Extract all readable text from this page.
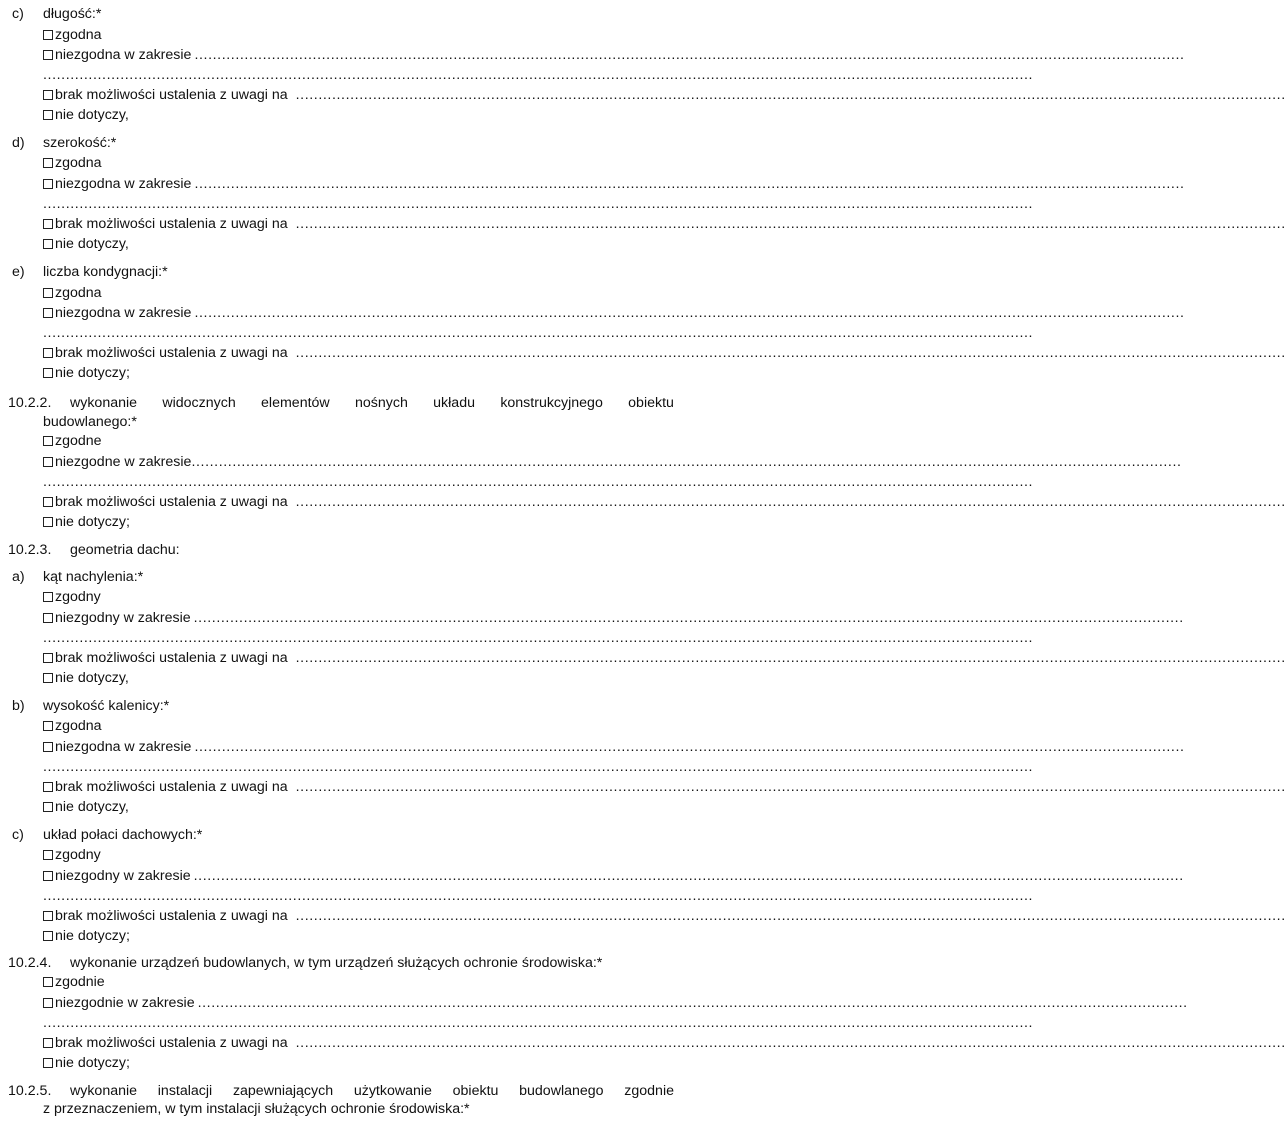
c) długość:*
zgodna
niezgodna w zakresie ..........................................................................................................................................................................................................................
..........................................................................................................................................................................................................................
brak możliwości ustalenia z uwagi na ..........................................................................................................................................................................................................................
nie dotyczy,
d) szerokość:*
zgodna
niezgodna w zakresie ..........................................................................................................................................................................................................................
..........................................................................................................................................................................................................................
brak możliwości ustalenia z uwagi na ..........................................................................................................................................................................................................................
nie dotyczy,
e) liczba kondygnacji:*
zgodna
niezgodna w zakresie ..........................................................................................................................................................................................................................
..........................................................................................................................................................................................................................
brak możliwości ustalenia z uwagi na ..........................................................................................................................................................................................................................
nie dotyczy;
10.2.2. wykonanie widocznych elementów nośnych układu konstrukcyjnego obiektu
budowlanego:*
zgodne
niezgodne w zakresie ..........................................................................................................................................................................................................................
..........................................................................................................................................................................................................................
brak możliwości ustalenia z uwagi na ..........................................................................................................................................................................................................................
nie dotyczy;
10.2.3. geometria dachu:
a) kąt nachylenia:*
zgodny
niezgodny w zakresie ..........................................................................................................................................................................................................................
..........................................................................................................................................................................................................................
brak możliwości ustalenia z uwagi na ..........................................................................................................................................................................................................................
nie dotyczy,
b) wysokość kalenicy:*
zgodna
niezgodna w zakresie ..........................................................................................................................................................................................................................
..........................................................................................................................................................................................................................
brak możliwości ustalenia z uwagi na ..........................................................................................................................................................................................................................
nie dotyczy,
c) układ połaci dachowych:*
zgodny
niezgodny w zakresie ..........................................................................................................................................................................................................................
..........................................................................................................................................................................................................................
brak możliwości ustalenia z uwagi na ..........................................................................................................................................................................................................................
nie dotyczy;
10.2.4. wykonanie urządzeń budowlanych, w tym urządzeń służących ochronie środowiska:*
zgodnie
niezgodnie w zakresie ..........................................................................................................................................................................................................................
..........................................................................................................................................................................................................................
brak możliwości ustalenia z uwagi na ..........................................................................................................................................................................................................................
nie dotyczy;
10.2.5. wykonanie instalacji zapewniających użytkowanie obiektu budowlanego zgodnie
z przeznaczeniem, w tym instalacji służących ochronie środowiska:*
